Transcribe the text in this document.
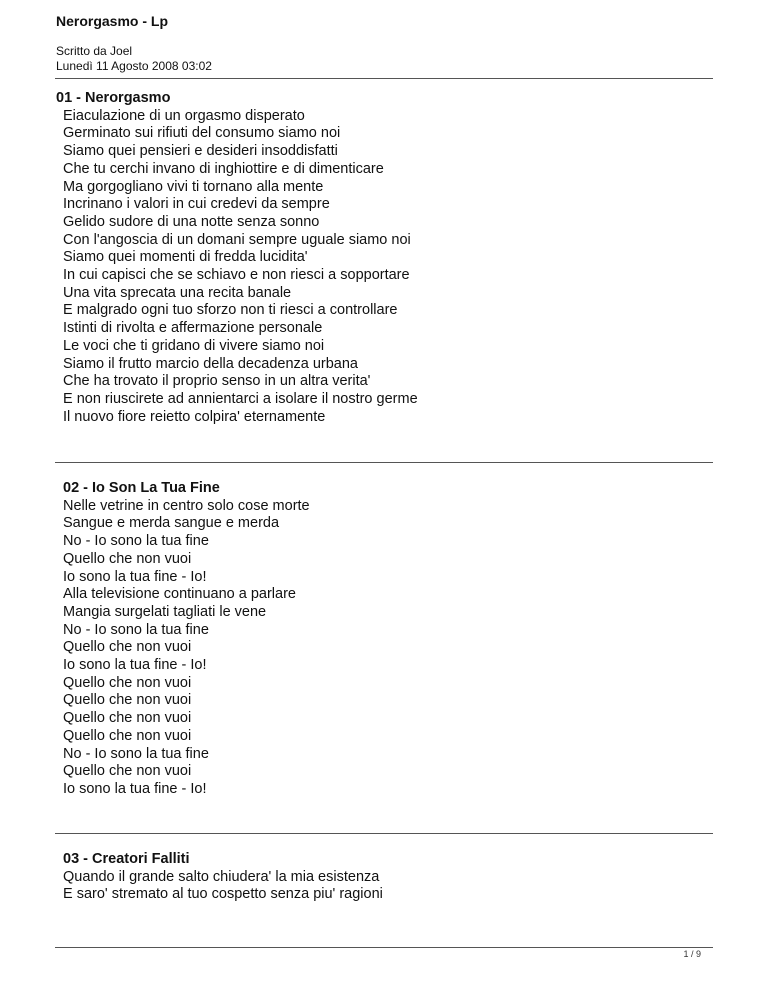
Nerorgasmo - Lp
Scritto da Joel
Lunedì 11 Agosto 2008 03:02
01 - Nerorgasmo
Eiaculazione di un orgasmo disperato
Germinato sui rifiuti del consumo siamo noi
Siamo quei pensieri e desideri insoddisfatti
Che tu cerchi invano di inghiottire e di dimenticare
Ma gorgogliano vivi ti tornano alla mente
Incrinano i valori in cui credevi da sempre
Gelido sudore di una notte senza sonno
Con l'angoscia di un domani sempre uguale siamo noi
Siamo quei momenti di fredda lucidita'
In cui capisci che se schiavo e non riesci a sopportare
Una vita sprecata una recita banale
E malgrado ogni tuo sforzo non ti riesci a controllare
Istinti di rivolta e affermazione personale
Le voci che ti gridano di vivere siamo noi
Siamo il frutto marcio della decadenza urbana
Che ha trovato il proprio senso in un altra verita'
E non riuscirete ad annientarci a isolare il nostro germe
Il nuovo fiore reietto colpira' eternamente
02 - Io Son La Tua Fine
Nelle vetrine in centro solo cose morte
Sangue e merda sangue e merda
No - Io sono la tua fine
Quello che non vuoi
Io sono la tua fine - Io!
Alla televisione continuano a parlare
Mangia surgelati tagliati le vene
No - Io sono la tua fine
Quello che non vuoi
Io sono la tua fine - Io!
Quello che non vuoi
Quello che non vuoi
Quello che non vuoi
Quello che non vuoi
No - Io sono la tua fine
Quello che non vuoi
Io sono la tua fine - Io!
03 - Creatori Falliti
Quando il grande salto chiudera' la mia esistenza
E saro' stremato al tuo cospetto senza piu' ragioni
1 / 9
